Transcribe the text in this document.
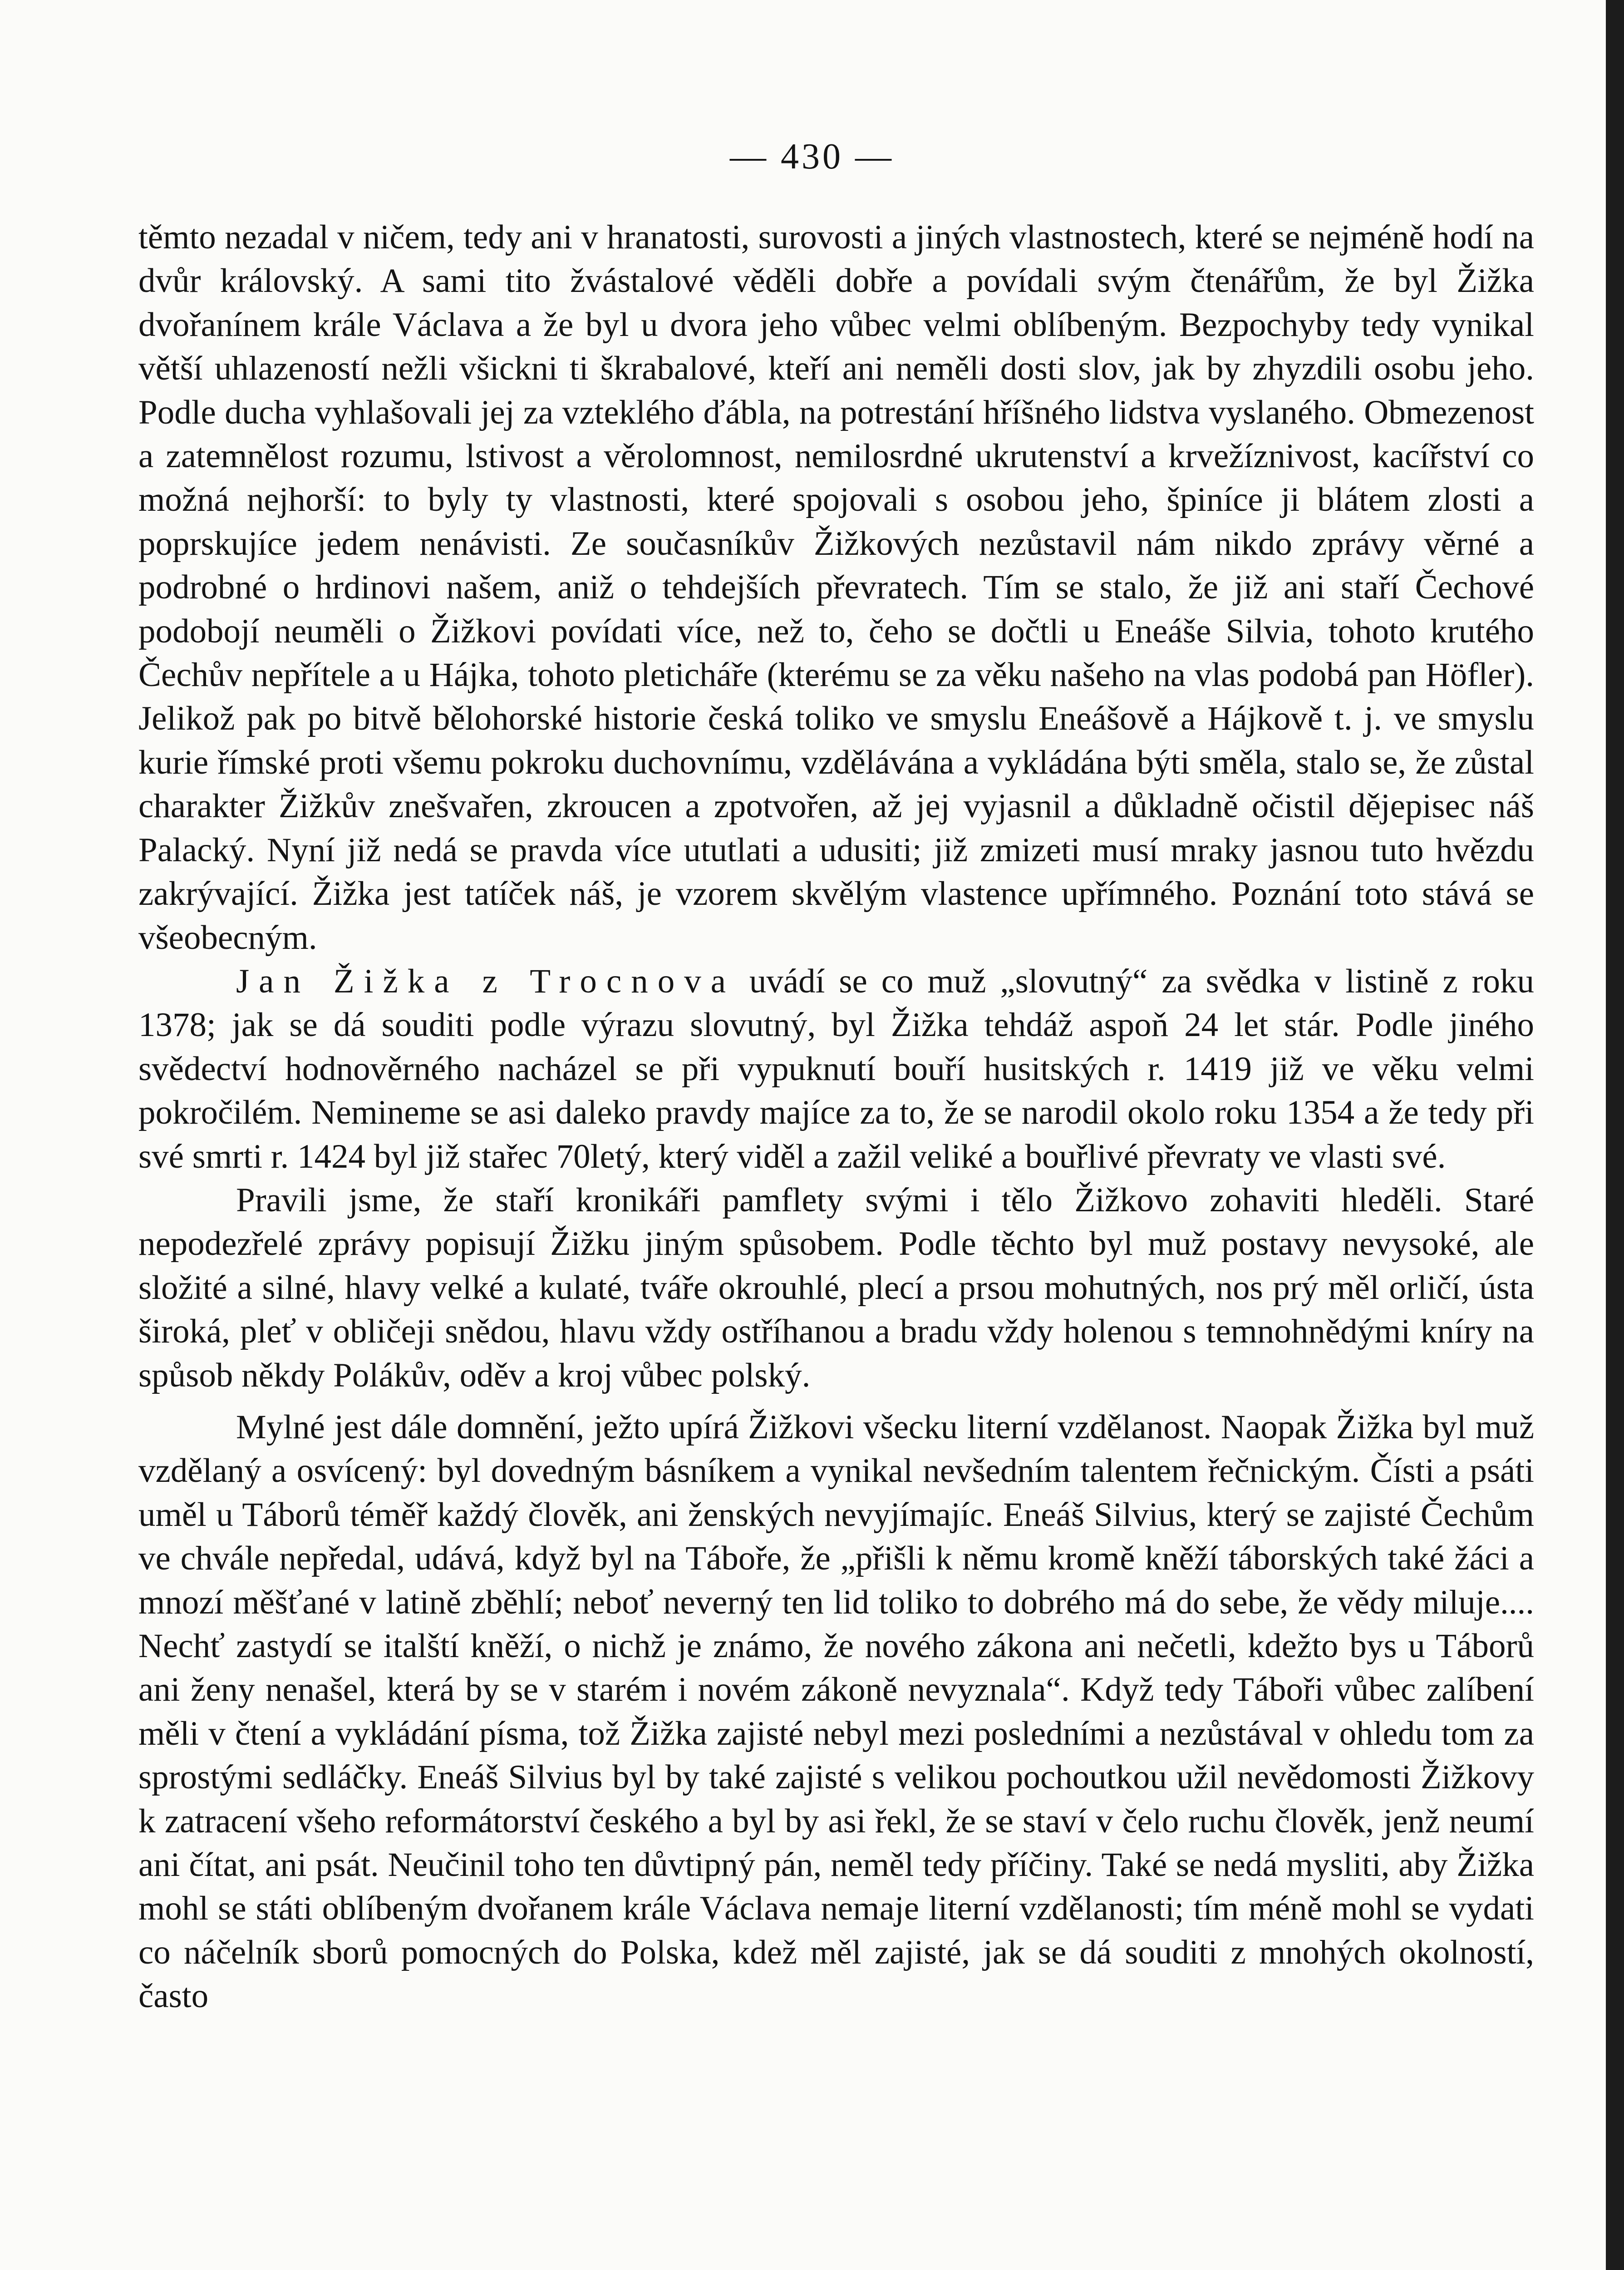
— 430 —

těmto nezadal v ničem, tedy ani v hranatosti, surovosti a jiných vlastnostech, které se nejméně hodí na dvůr královský. A sami tito žvástalové věděli dobře a povídali svým čtenářům, že byl Žižka dvořanínem krále Václava a že byl u dvora jeho vůbec velmi oblíbeným. Bezpochyby tedy vynikal větší uhlazeností nežli všickni ti škrabalové, kteří ani neměli dosti slov, jak by zhyzdili osobu jeho. Podle ducha vyhlašovali jej za vzteklého ďábla, na potrestání hříšného lidstva vyslaného. Obmezenost a zatemnělost rozumu, lstivost a věrolomnost, nemilosrdné ukrutenství a krvežíznivost, kacířství co možná nejhorší: to byly ty vlastnosti, které spojovali s osobou jeho, špiníce ji blátem zlosti a poprskujíce jedem nenávisti. Ze současníkův Žižkových nezůstavil nám nikdo zprávy věrné a podrobné o hrdinovi našem, aniž o tehdejších převratech. Tím se stalo, že již ani staří Čechové podobojí neuměli o Žižkovi povídati více, než to, čeho se dočtli u Eneáše Silvia, tohoto krutého Čechův nepřítele a u Hájka, tohoto pletichářе (kterému se za věku našeho na vlas podobá pan Höfler). Jelikož pak po bitvě bělohorské historie česká toliko ve smyslu Eneášově a Hájkově t. j. ve smyslu kurie římské proti všemu pokroku duchovnímu, vzdělávána a vykládána býti směla, stalo se, že zůstal charakter Žižkův znešvařen, zkroucen a zpotvořen, až jej vyjasnil a důkladně očistil dějepisec náš Palacký. Nyní již nedá se pravda více ututlati a udusiti; již zmizeti musí mraky jasnou tuto hvězdu zakrývající. Žižka jest tatíček náš, je vzorem skvělým vlastence upřímného. Poznání toto stává se všeobecným.

Jan Žižka z Trocnova uvádí se co muž „slovutný“ za svědka v listině z roku 1378; jak se dá souditi podle výrazu slovutný, byl Žižka tehdáž aspoň 24 let stár. Podle jiného svědectví hodnověrného nacházel se při vypuknutí bouří husitských r. 1419 již ve věku velmi pokročilém. Nemineme se asi daleko pravdy majíce za to, že se narodil okolo roku 1354 a že tedy při své smrti r. 1424 byl již stařec 70letý, který viděl a zažil veliké a bouřlivé převraty ve vlasti své.

Pravili jsme, že staří kronikáři pamflety svými i tělo Žižkovo zohaviti hleděli. Staré nepodezřelé zprávy popisují Žižku jiným spůsobem. Podle těchto byl muž postavy nevysoké, ale složité a silné, hlavy velké a kulaté, tváře okrouhlé, plecí a prsou mohutných, nos prý měl orličí, ústa široká, pleť v obličeji snědou, hlavu vždy ostříhanou a bradu vždy holenou s temnohnědými kníry na spůsob někdy Polákův, oděv a kroj vůbec polský.

Mylné jest dále domnění, ježto upírá Žižkovi všecku literní vzdělanost. Naopak Žižka byl muž vzdělaný a osvícený: byl dovedným básníkem a vynikal nevšedním talentem řečnickým. Čísti a psáti uměl u Táborů téměř každý člověk, ani ženských nevyjímajíc. Eneáš Silvius, který se zajisté Čechům ve chvále nepředal, udává, když byl na Táboře, že „přišli k němu kromě kněží táborských také žáci a mnozí měšťané v latině zběhlí; neboť neverný ten lid toliko to dobrého má do sebe, že vědy miluje.... Nechť zastydí se italští kněží, o nichž je známo, že nového zákona ani nečetli, kdežto bys u Táborů ani ženy nenašel, která by se v starém i novém zákoně nevyznala“. Když tedy Táboři vůbec zalíbení měli v čtení a vykládání písma, tož Žižka zajisté nebyl mezi posledními a nezůstával v ohledu tom za sprostými sedláčky. Eneáš Silvius byl by také zajisté s velikou pochoutkou užil nevědomosti Žižkovy k zatracení všeho reformátorství českého a byl by asi řekl, že se staví v čelo ruchu člověk, jenž neumí ani čítat, ani psát. Neučinil toho ten důvtipný pán, neměl tedy příčiny. Také se nedá mysliti, aby Žižka mohl se státi oblíbeným dvořanem krále Václava nemaje literní vzdělanosti; tím méně mohl se vydati co náčelník sborů pomocných do Polska, kdež měl zajisté, jak se dá souditi z mnohých okolností, často
